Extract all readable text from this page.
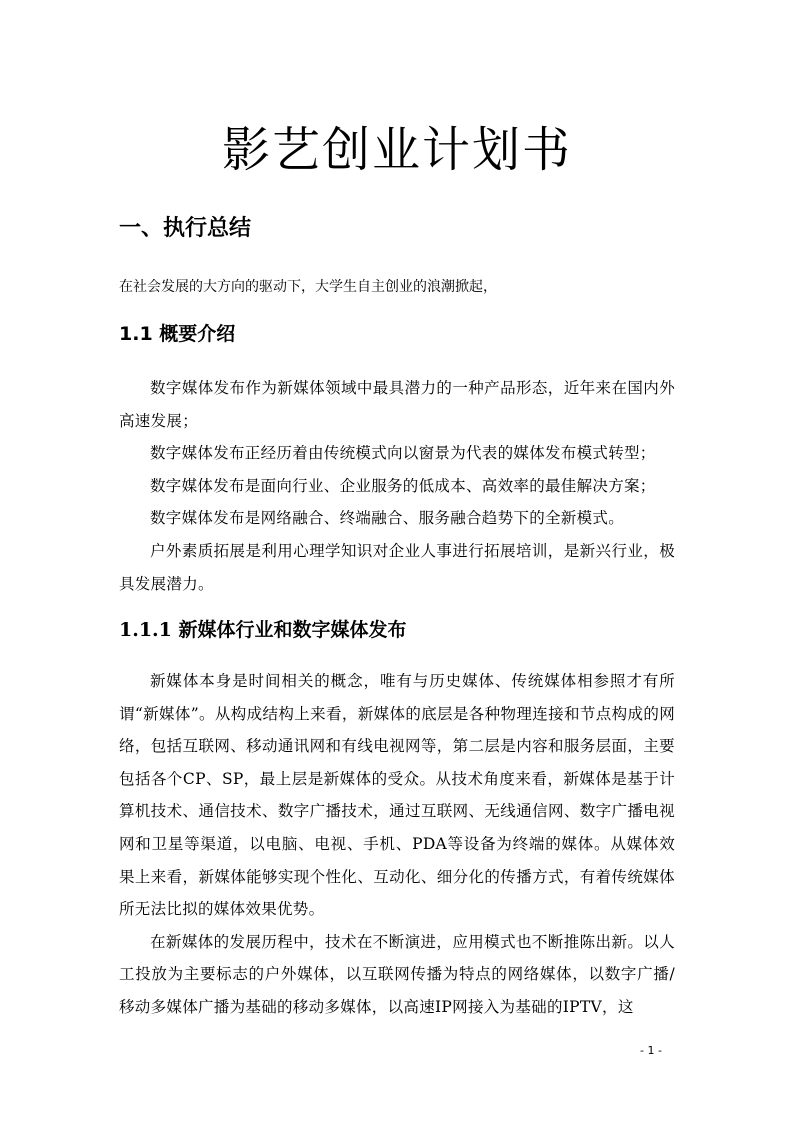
影艺创业计划书
一、执行总结

在社会发展的大方向的驱动下，大学生自主创业的浪潮掀起，

1.1 概要介绍

数字媒体发布作为新媒体领域中最具潜力的一种产品形态，近年来在国内外高速发展；

数字媒体发布正经历着由传统模式向以窗景为代表的媒体发布模式转型；

数字媒体发布是面向行业、企业服务的低成本、高效率的最佳解决方案；

数字媒体发布是网络融合、终端融合、服务融合趋势下的全新模式。

户外素质拓展是利用心理学知识对企业人事进行拓展培训，是新兴行业，极具发展潜力。

1.1.1 新媒体行业和数字媒体发布

新媒体本身是时间相关的概念，唯有与历史媒体、传统媒体相参照才有所谓“新媒体”。从构成结构上来看，新媒体的底层是各种物理连接和节点构成的网络，包括互联网、移动通讯网和有线电视网等，第二层是内容和服务层面，主要包括各个CP、SP，最上层是新媒体的受众。从技术角度来看，新媒体是基于计算机技术、通信技术、数字广播技术，通过互联网、无线通信网、数字广播电视网和卫星等渠道，以电脑、电视、手机、PDA等设备为终端的媒体。从媒体效果上来看，新媒体能够实现个性化、互动化、细分化的传播方式，有着传统媒体所无法比拟的媒体效果优势。

在新媒体的发展历程中，技术在不断演进，应用模式也不断推陈出新。以人工投放为主要标志的户外媒体，以互联网传播为特点的网络媒体，以数字广播/移动多媒体广播为基础的移动多媒体，以高速IP网接入为基础的IPTV，这

- 1 -
